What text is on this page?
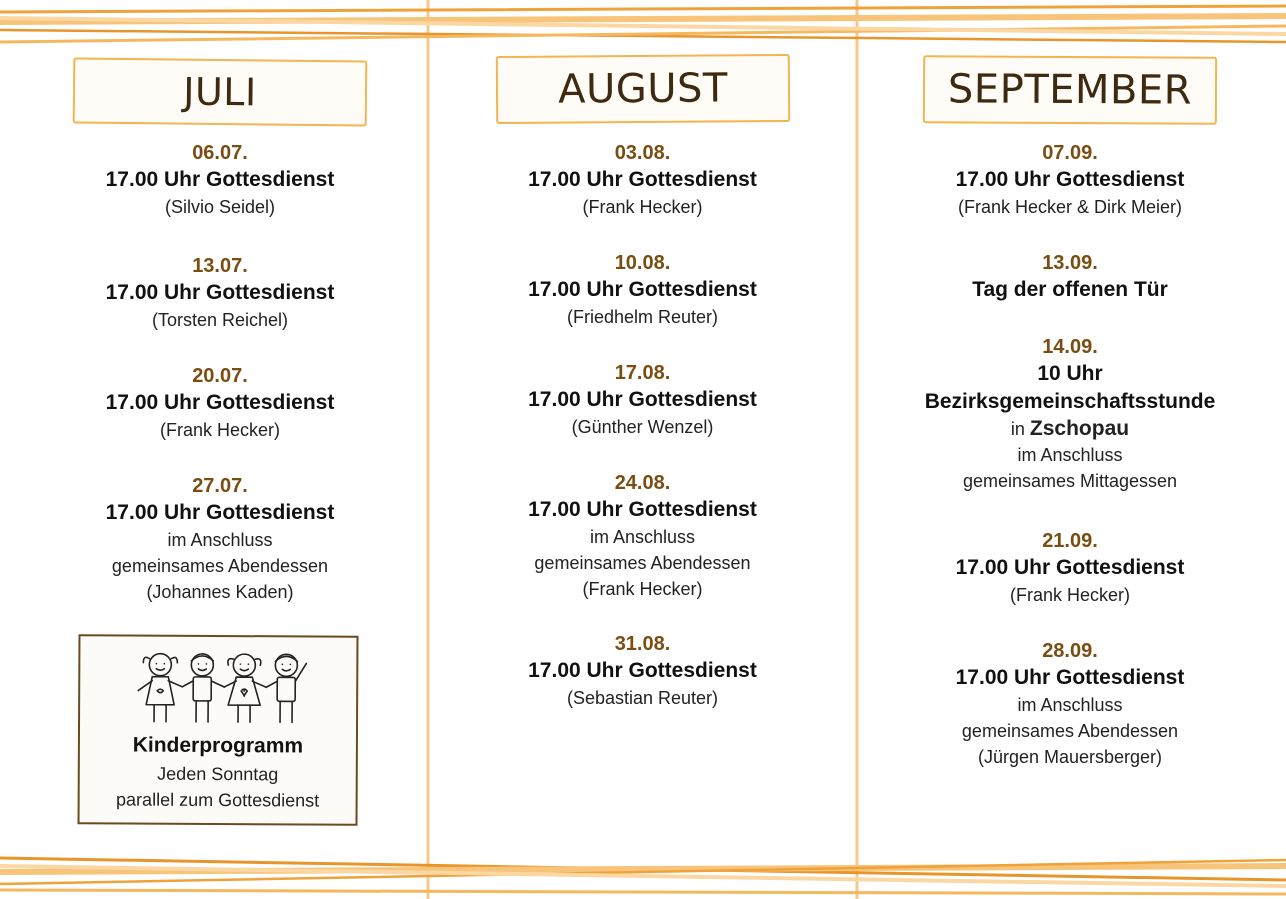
JULI
06.07.
17.00 Uhr Gottesdienst
(Silvio Seidel)
13.07.
17.00 Uhr Gottesdienst
(Torsten Reichel)
20.07.
17.00 Uhr Gottesdienst
(Frank Hecker)
27.07.
17.00 Uhr Gottesdienst
im Anschluss
gemeinsames Abendessen
(Johannes Kaden)
Kinderprogramm
Jeden Sonntag
parallel zum Gottesdienst
AUGUST
03.08.
17.00 Uhr Gottesdienst
(Frank Hecker)
10.08.
17.00 Uhr Gottesdienst
(Friedhelm Reuter)
17.08.
17.00 Uhr Gottesdienst
(Günther Wenzel)
24.08.
17.00 Uhr Gottesdienst
im Anschluss
gemeinsames Abendessen
(Frank Hecker)
31.08.
17.00 Uhr Gottesdienst
(Sebastian Reuter)
SEPTEMBER
07.09.
17.00 Uhr Gottesdienst
(Frank Hecker & Dirk Meier)
13.09.
Tag der offenen Tür
14.09.
10 Uhr
Bezirksgemeinschaftsstunde
in Zschopau
im Anschluss
gemeinsames Mittagessen
21.09.
17.00 Uhr Gottesdienst
(Frank Hecker)
28.09.
17.00 Uhr Gottesdienst
im Anschluss
gemeinsames Abendessen
(Jürgen Mauersberger)
